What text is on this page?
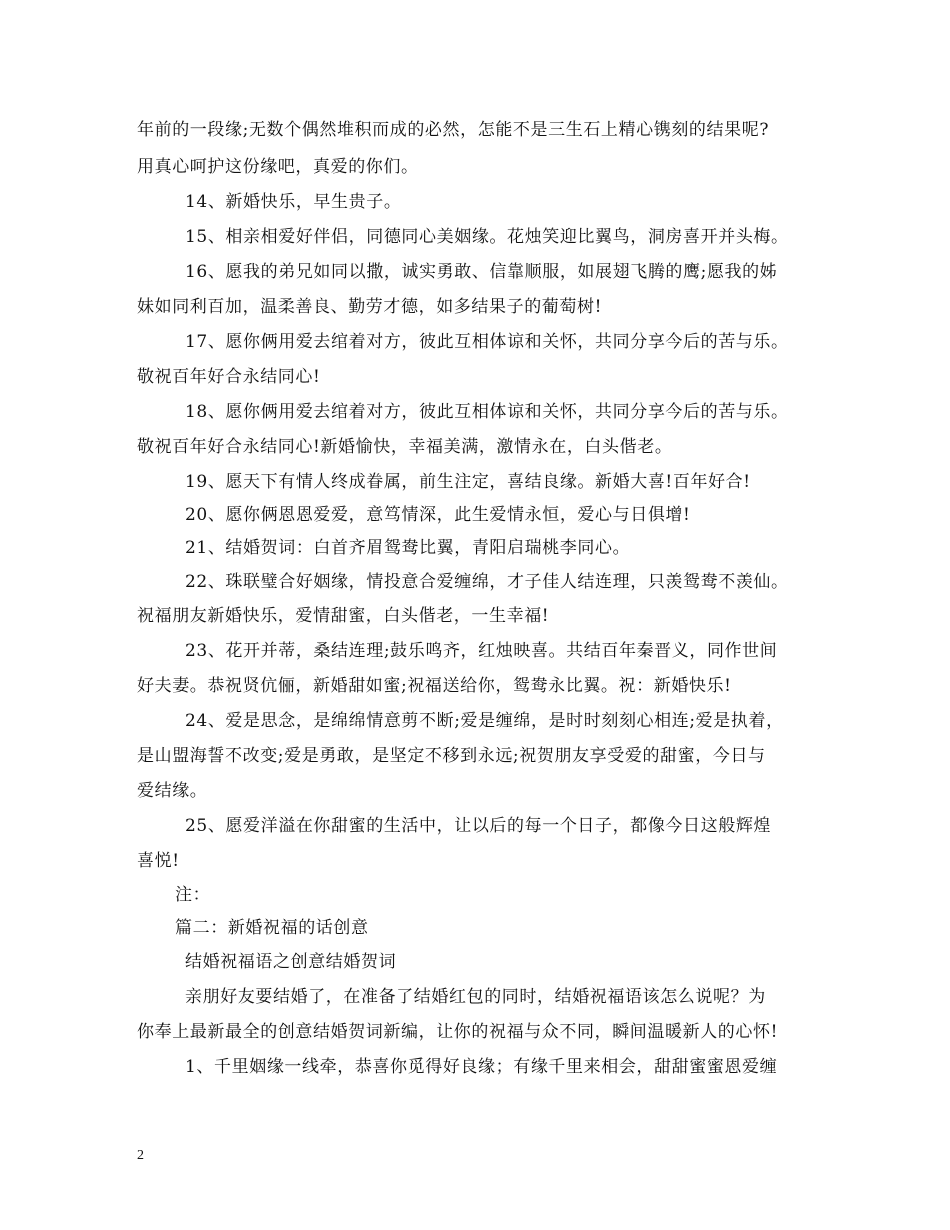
年前的一段缘;无数个偶然堆积而成的必然，怎能不是三生石上精心镌刻的结果呢?
用真心呵护这份缘吧，真爱的你们。
14、新婚快乐，早生贵子。
15、相亲相爱好伴侣，同德同心美姻缘。花烛笑迎比翼鸟，洞房喜开并头梅。
16、愿我的弟兄如同以撒，诚实勇敢、信靠顺服，如展翅飞腾的鹰;愿我的姊
妹如同利百加，温柔善良、勤劳才德，如多结果子的葡萄树!
17、愿你俩用爱去绾着对方，彼此互相体谅和关怀，共同分享今后的苦与乐。
敬祝百年好合永结同心!
18、愿你俩用爱去绾着对方，彼此互相体谅和关怀，共同分享今后的苦与乐。
敬祝百年好合永结同心!新婚愉快，幸福美满，激情永在，白头偕老。
19、愿天下有情人终成眷属，前生注定，喜结良缘。新婚大喜!百年好合!
20、愿你俩恩恩爱爱，意笃情深，此生爱情永恒，爱心与日俱增!
21、结婚贺词：白首齐眉鸳鸯比翼，青阳启瑞桃李同心。
22、珠联璧合好姻缘，情投意合爱缠绵，才子佳人结连理，只羡鸳鸯不羡仙。
祝福朋友新婚快乐，爱情甜蜜，白头偕老，一生幸福!
23、花开并蒂，桑结连理;鼓乐鸣齐，红烛映喜。共结百年秦晋义，同作世间
好夫妻。恭祝贤伉俪，新婚甜如蜜;祝福送给你，鸳鸯永比翼。祝：新婚快乐!
24、爱是思念，是绵绵情意剪不断;爱是缠绵，是时时刻刻心相连;爱是执着，
是山盟海誓不改变;爱是勇敢，是坚定不移到永远;祝贺朋友享受爱的甜蜜，今日与
爱结缘。
25、愿爱洋溢在你甜蜜的生活中，让以后的每一个日子，都像今日这般辉煌
喜悦!
注：
篇二：新婚祝福的话创意
结婚祝福语之创意结婚贺词
亲朋好友要结婚了，在准备了结婚红包的同时，结婚祝福语该怎么说呢？为
你奉上最新最全的创意结婚贺词新编，让你的祝福与众不同，瞬间温暖新人的心怀!
1、千里姻缘一线牵，恭喜你觅得好良缘；有缘千里来相会，甜甜蜜蜜恩爱缠
2
